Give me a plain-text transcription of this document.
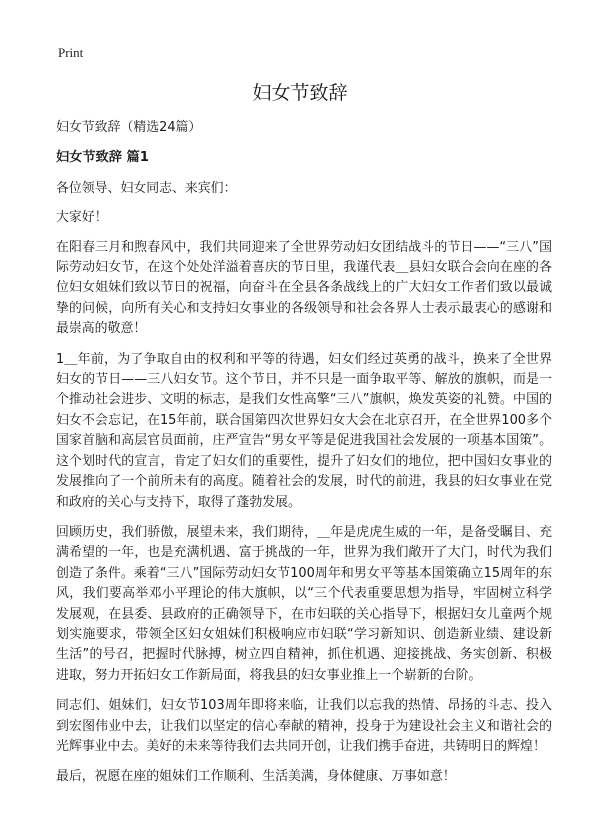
Print
妇女节致辞

妇女节致辞（精选24篇）

妇女节致辞 篇1

各位领导、妇女同志、来宾们：

大家好！

在阳春三月和煦春风中，我们共同迎来了全世界劳动妇女团结战斗的节日——“三八”国际劳动妇女节，在这个处处洋溢着喜庆的节日里，我谨代表＿县妇女联合会向在座的各位妇女姐妹们致以节日的祝福，向奋斗在全县各条战线上的广大妇女工作者们致以最诚挚的问候，向所有关心和支持妇女事业的各级领导和社会各界人士表示最衷心的感谢和最崇高的敬意！

1＿年前，为了争取自由的权利和平等的待遇，妇女们经过英勇的战斗，换来了全世界妇女的节日——三八妇女节。这个节日，并不只是一面争取平等、解放的旗帜，而是一个推动社会进步、文明的标志，是我们女性高擎“三八”旗帜，焕发英姿的礼赞。中国的妇女不会忘记，在15年前，联合国第四次世界妇女大会在北京召开，在全世界100多个国家首脑和高层官员面前，庄严宣告“男女平等是促进我国社会发展的一项基本国策”。这个划时代的宣言，肯定了妇女们的重要性，提升了妇女们的地位，把中国妇女事业的发展推向了一个前所未有的高度。随着社会的发展，时代的前进，我县的妇女事业在党和政府的关心与支持下，取得了蓬勃发展。

回顾历史，我们骄傲，展望未来，我们期待，＿年是虎虎生威的一年，是备受瞩目、充满希望的一年，也是充满机遇、富于挑战的一年，世界为我们敞开了大门，时代为我们创造了条件。乘着“三八”国际劳动妇女节100周年和男女平等基本国策确立15周年的东风，我们要高举邓小平理论的伟大旗帜，以“三个代表重要思想为指导，牢固树立科学发展观，在县委、县政府的正确领导下，在市妇联的关心指导下，根据妇女儿童两个规划实施要求，带领全区妇女姐妹们积极响应市妇联“学习新知识、创造新业绩、建设新生活”的号召，把握时代脉搏，树立四自精神，抓住机遇、迎接挑战、务实创新、积极进取，努力开拓妇女工作新局面，将我县的妇女事业推上一个崭新的台阶。

同志们、姐妹们，妇女节103周年即将来临，让我们以忘我的热情、昂扬的斗志、投入到宏图伟业中去，让我们以坚定的信心奉献的精神，投身于为建设社会主义和谐社会的光辉事业中去。美好的未来等待我们去共同开创，让我们携手奋进，共铸明日的辉煌！

最后，祝愿在座的姐妹们工作顺利、生活美满，身体健康、万事如意！
